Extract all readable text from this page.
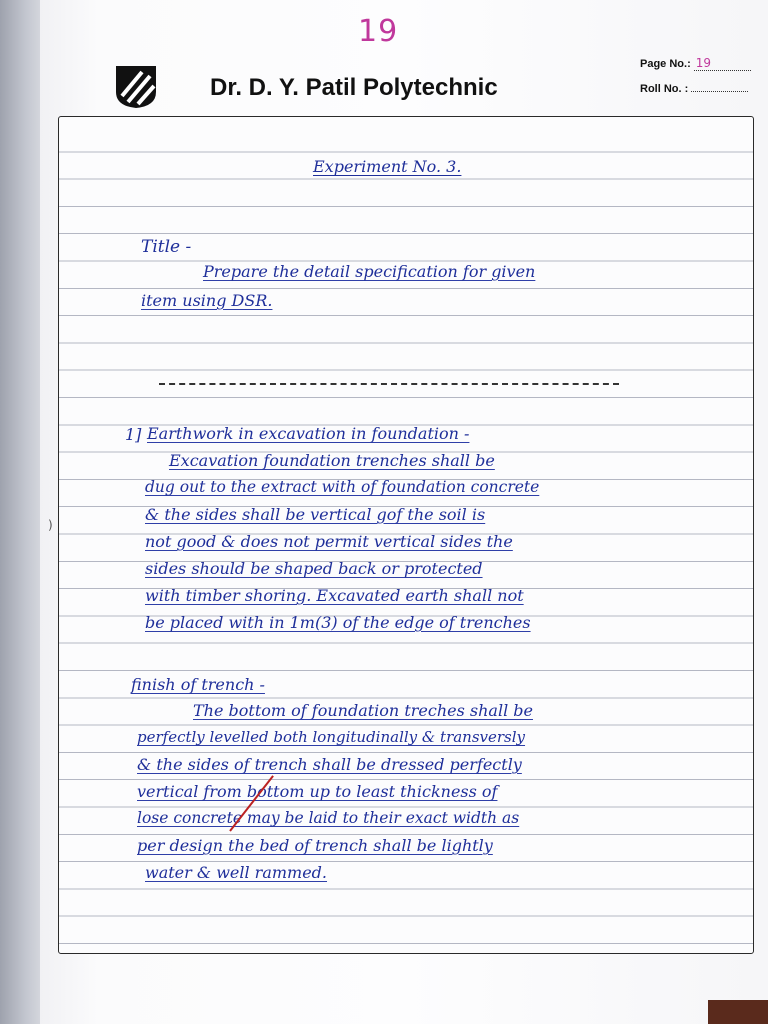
19
Dr. D. Y. Patil Polytechnic
Page No.: 19
Roll No. :
)
Experiment No. 3.
Title -
Prepare the detail specification for given
item using DSR.
1] Earthwork in excavation in foundation -
Excavation foundation trenches shall be
dug out to the extract with of foundation concrete
& the sides shall be vertical gof the soil is
not good & does not permit vertical sides the
sides should be shaped back or protected
with timber shoring. Excavated earth shall not
be placed with in 1m(3) of the edge of trenches
finish of trench -
The bottom of foundation treches shall be
perfectly levelled both longitudinally & transversly
& the sides of trench shall be dressed perfectly
vertical from bottom up to least thickness of
lose concrete may be laid to their exact width as
per design the bed of trench shall be lightly
water & well rammed.
